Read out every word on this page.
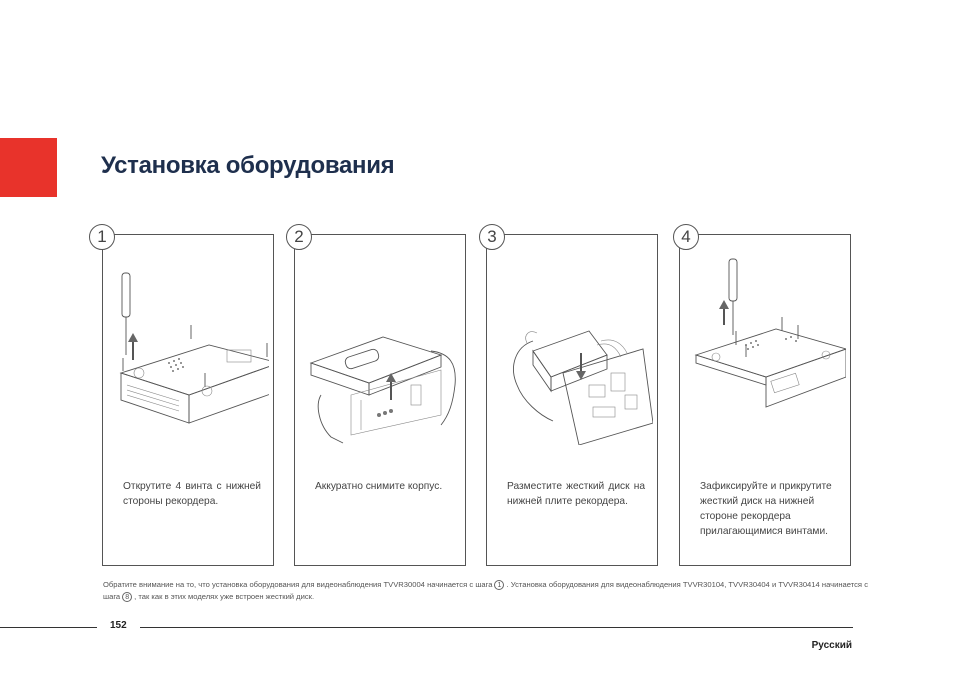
Установка оборудования
Открутите 4 винта с нижней стороны рекордера.
1
Аккуратно снимите корпус.
2
Разместите жесткий диск на нижней плите рекордера.
3
Зафиксируйте и прикрутите жесткий диск на нижней стороне рекордера прилагающимися винтами.
4
Обратите внимание на то, что установка оборудования для видеонаблюдения TVVR30004 начинается с шага 1 . Установка оборудования для видеонаблюдения TVVR30104, TVVR30404 и TVVR30414 начинается с шага 8 , так как в этих моделях уже встроен жесткий диск.
152
Русский
